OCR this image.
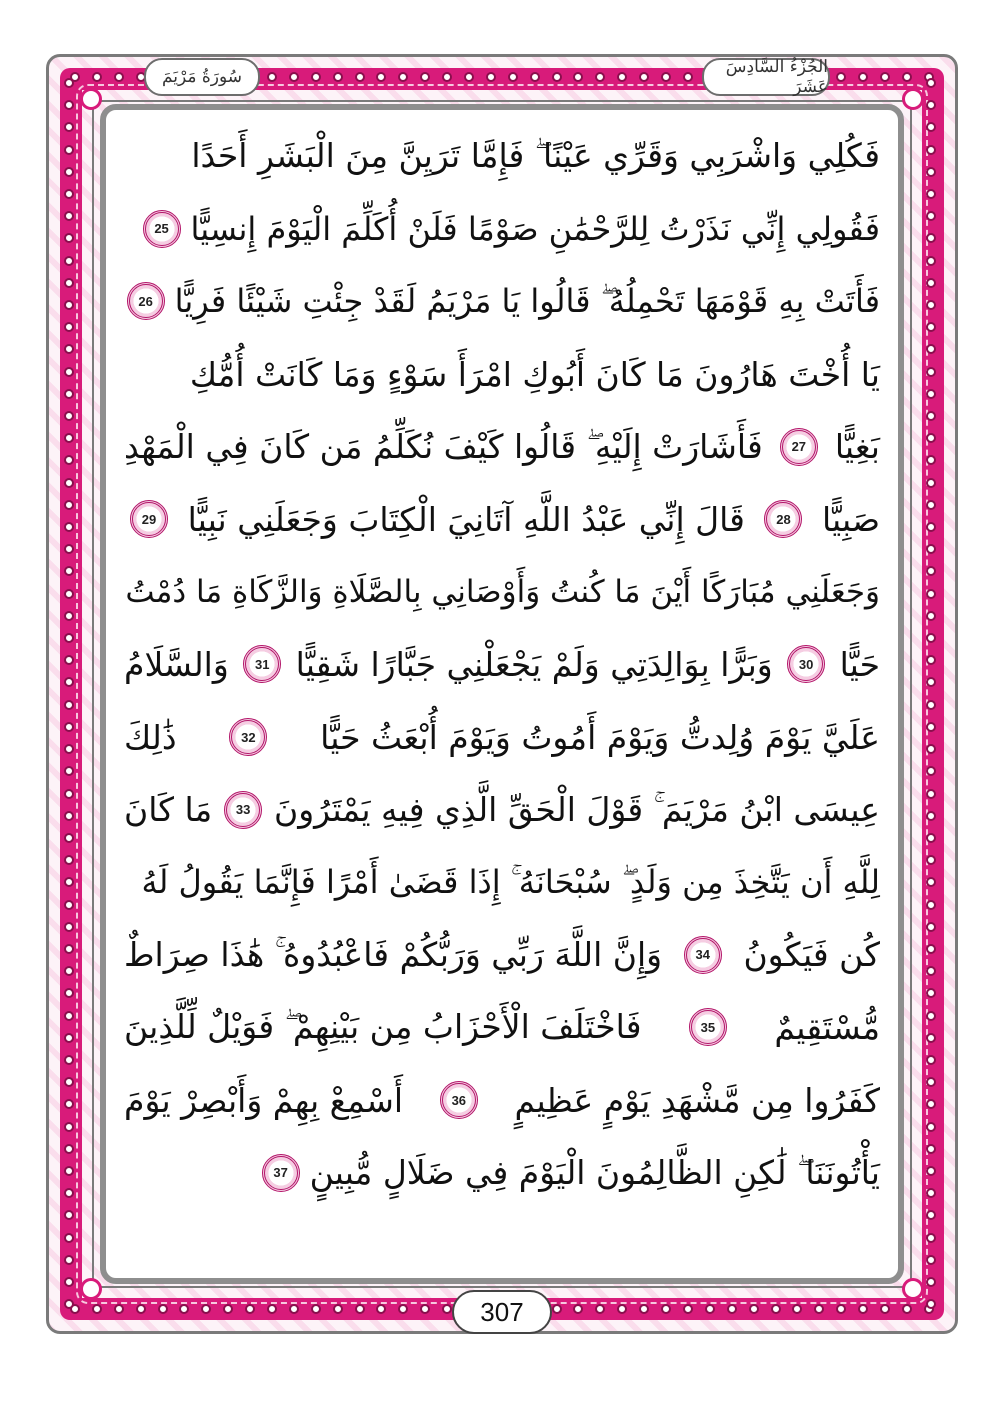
الجُزْءُ السَّادِسَ عَشَرَ
سُورَةُ مَرْيَمَ
فَكُلِي وَاشْرَبِي وَقَرِّي عَيْنًا ۖ فَإِمَّا تَرَيِنَّ مِنَ الْبَشَرِ أَحَدًا
فَقُولِي إِنِّي نَذَرْتُ لِلرَّحْمَٰنِ صَوْمًا فَلَنْ أُكَلِّمَ الْيَوْمَ إِنسِيًّا
25
فَأَتَتْ بِهِ قَوْمَهَا تَحْمِلُهُ ۖ قَالُوا يَا مَرْيَمُ لَقَدْ جِئْتِ شَيْئًا فَرِيًّا
26
يَا أُخْتَ هَارُونَ مَا كَانَ أَبُوكِ امْرَأَ سَوْءٍ وَمَا كَانَتْ أُمُّكِ
بَغِيًّا
27
فَأَشَارَتْ إِلَيْهِ ۖ قَالُوا كَيْفَ نُكَلِّمُ مَن كَانَ فِي الْمَهْدِ
صَبِيًّا
28
قَالَ إِنِّي عَبْدُ اللَّهِ آتَانِيَ الْكِتَابَ وَجَعَلَنِي نَبِيًّا
29
وَجَعَلَنِي مُبَارَكًا أَيْنَ مَا كُنتُ وَأَوْصَانِي بِالصَّلَاةِ وَالزَّكَاةِ مَا دُمْتُ
حَيًّا
30
وَبَرًّا بِوَالِدَتِي وَلَمْ يَجْعَلْنِي جَبَّارًا شَقِيًّا
31
وَالسَّلَامُ
عَلَيَّ يَوْمَ وُلِدتُّ وَيَوْمَ أَمُوتُ وَيَوْمَ أُبْعَثُ حَيًّا
32
ذَٰلِكَ
عِيسَى ابْنُ مَرْيَمَ ۚ قَوْلَ الْحَقِّ الَّذِي فِيهِ يَمْتَرُونَ
33
مَا كَانَ
لِلَّهِ أَن يَتَّخِذَ مِن وَلَدٍ ۖ سُبْحَانَهُ ۚ إِذَا قَضَىٰ أَمْرًا فَإِنَّمَا يَقُولُ لَهُ
كُن فَيَكُونُ
34
وَإِنَّ اللَّهَ رَبِّي وَرَبُّكُمْ فَاعْبُدُوهُ ۚ هَٰذَا صِرَاطٌ
مُّسْتَقِيمٌ
35
فَاخْتَلَفَ الْأَحْزَابُ مِن بَيْنِهِمْ ۖ فَوَيْلٌ لِّلَّذِينَ
كَفَرُوا مِن مَّشْهَدِ يَوْمٍ عَظِيمٍ
36
أَسْمِعْ بِهِمْ وَأَبْصِرْ يَوْمَ
يَأْتُونَنَا ۖ لَٰكِنِ الظَّالِمُونَ الْيَوْمَ فِي ضَلَالٍ مُّبِينٍ
37
307
